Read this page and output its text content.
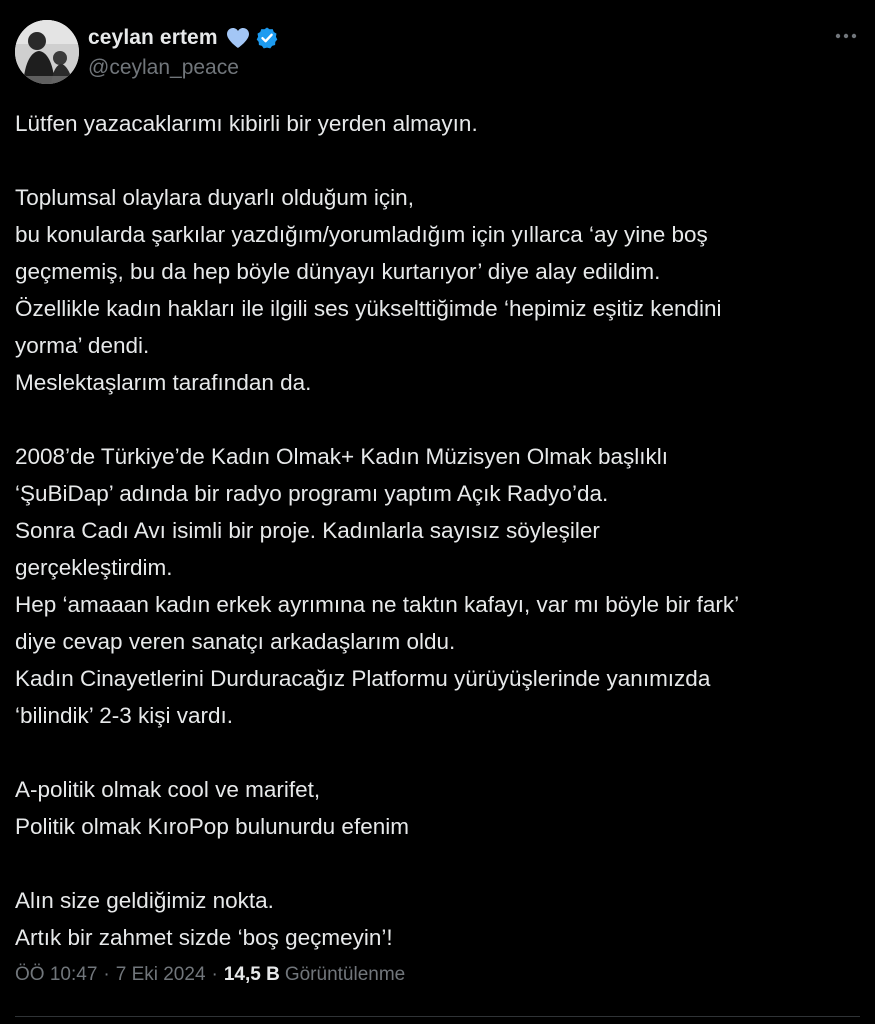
ceylan ertem
@ceylan_peace

Lütfen yazacaklarımı kibirli bir yerden almayın.

Toplumsal olaylara duyarlı olduğum için,
bu konularda şarkılar yazdığım/yorumladığım için yıllarca ‘ay yine boş
geçmemiş, bu da hep böyle dünyayı kurtarıyor’ diye alay edildim.
Özellikle kadın hakları ile ilgili ses yükselttiğimde ‘hepimiz eşitiz kendini
yorma’ dendi.
Meslektaşlarım tarafından da.

2008’de Türkiye’de Kadın Olmak+ Kadın Müzisyen Olmak başlıklı
‘ŞuBiDap’ adında bir radyo programı yaptım Açık Radyo’da.
Sonra Cadı Avı isimli bir proje. Kadınlarla sayısız söyleşiler
gerçekleştirdim.
Hep ‘amaaan kadın erkek ayrımına ne taktın kafayı, var mı böyle bir fark’
diye cevap veren sanatçı arkadaşlarım oldu.
Kadın Cinayetlerini Durduracağız Platformu yürüyüşlerinde yanımızda
‘bilindik’ 2-3 kişi vardı.

A-politik olmak cool ve marifet,
Politik olmak KıroPop bulunurdu efenim

Alın size geldiğimiz nokta.
Artık bir zahmet sizde ‘boş geçmeyin’!

ÖÖ 10:47 · 7 Eki 2024 · 14,5 B Görüntülenme
